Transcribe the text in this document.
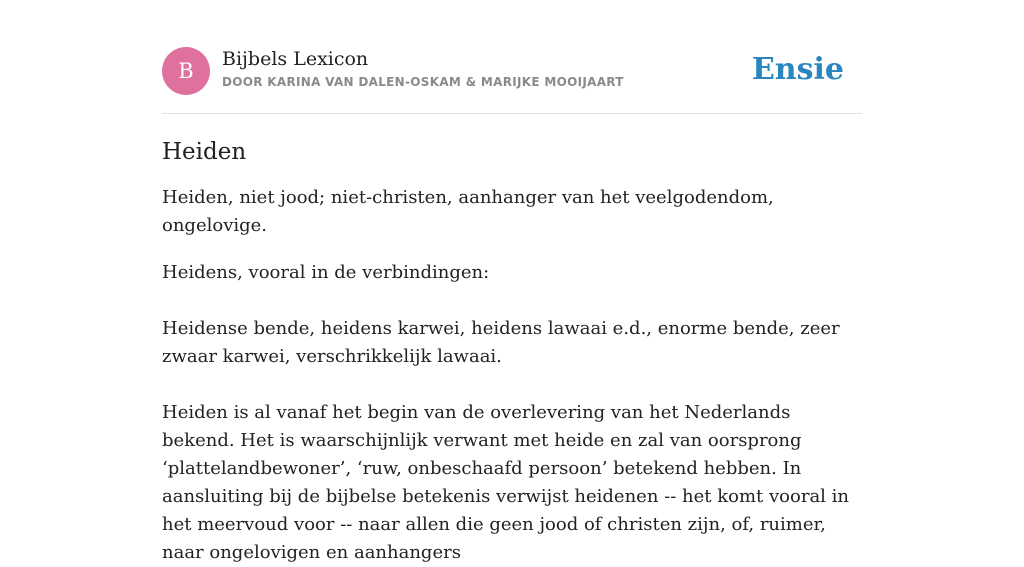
B	Bijbels Lexicon
DOOR KARINA VAN DALEN-OSKAM & MARIJKE MOOIJAART	Ensie
Heiden

Heiden, niet jood; niet-christen, aanhanger van het veelgodendom, ongelovige.

Heidens, vooral in de verbindingen:

Heidense bende, heidens karwei, heidens lawaai e.d., enorme bende, zeer zwaar karwei, verschrikkelijk lawaai.

Heiden is al vanaf het begin van de overlevering van het Nederlands bekend. Het is waarschijnlijk verwant met heide en zal van oorsprong ‘plattelandbewoner’, ‘ruw, onbeschaafd persoon’ betekend hebben. In aansluiting bij de bijbelse betekenis verwijst heidenen -- het komt vooral in het meervoud voor -- naar allen die geen jood of christen zijn, of, ruimer, naar ongelovigen en aanhangers
